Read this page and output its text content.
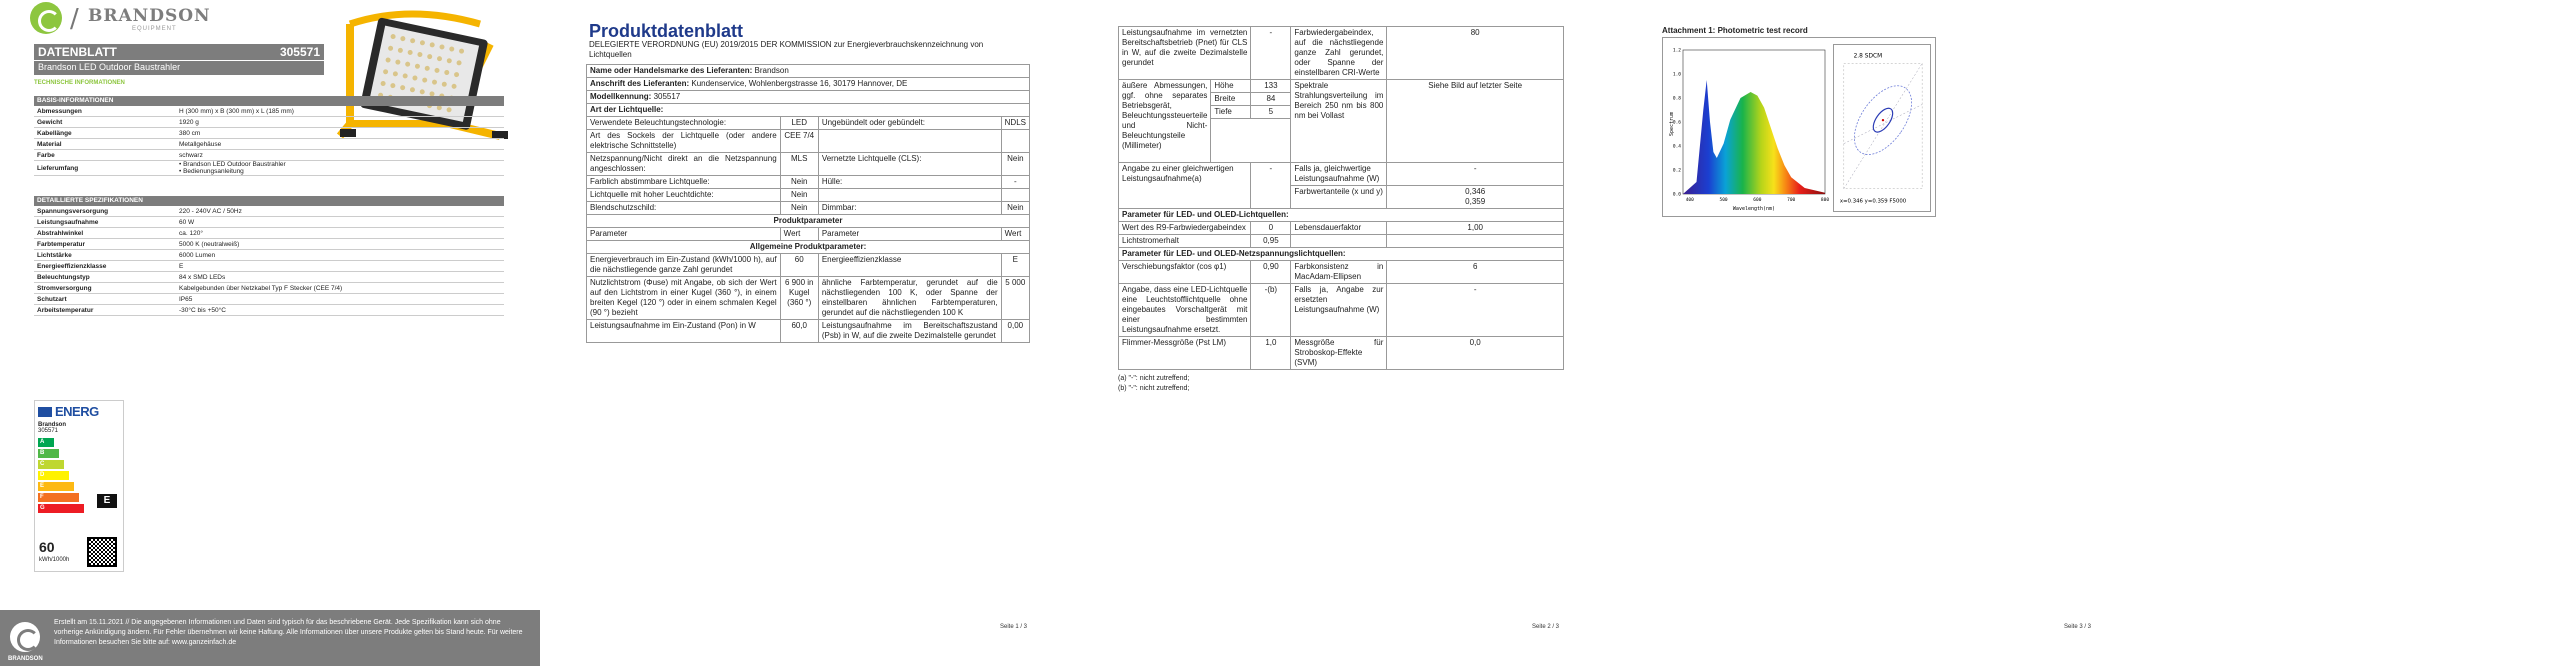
/ BRANDSON
EQUIPMENT
DATENBLATT	305571
Brandson LED Outdoor Baustrahler
TECHNISCHE INFORMATIONEN
BASIS-INFORMATIONEN
Abmessungen	H (300 mm) x B (300 mm) x L (185 mm)
Gewicht	1920 g
Kabellänge	380 cm
Material	Metallgehäuse
Farbe	schwarz
Lieferumfang	• Brandson LED Outdoor Baustrahler
• Bedienungsanleitung
DETAILLIERTE SPEZIFIKATIONEN
Spannungsversorgung	220 - 240V AC / 50Hz
Leistungsaufnahme	60 W
Abstrahlwinkel	ca. 120°
Farbtemperatur	5000 K (neutralweiß)
Lichtstärke	6000 Lumen
Energieeffizienzklasse	E
Beleuchtungstyp	84 x SMD LEDs
Stromversorgung	Kabelgebunden über Netzkabel Typ F Stecker (CEE 7/4)
Schutzart	IP65
Arbeitstemperatur	-30°C bis +50°C
ENERG
Brandson
305571
A
B
C
D
E
F
G
E
60
kWh/1000h
BRANDSON
Erstellt am 15.11.2021 // Die angegebenen Informationen und Daten sind typisch für das beschriebene Gerät. Jede Spezifikation kann sich ohne vorherige Ankündigung ändern. Für Fehler übernehmen wir keine Haftung. Alle Informationen über unsere Produkte gelten bis Stand heute. Für weitere Informationen besuchen Sie bitte auf: www.ganzeinfach.de
Produktdatenblatt
DELEGIERTE VERORDNUNG (EU) 2019/2015 DER KOMMISSION zur Energieverbrauchskennzeichnung von Lichtquellen
Name oder Handelsmarke des Lieferanten: Brandson			
Anschrift des Lieferanten: Kundenservice, Wohlenbergstrasse 16, 30179 Hannover, DE			
Modellkennung: 305517			
Art der Lichtquelle:			
Verwendete Beleuchtungstechnologie:	LED	Ungebündelt oder gebündelt:	NDLS
Art des Sockels der Lichtquelle (oder andere elektrische Schnittstelle)	CEE 7/4		
Netzspannung/Nicht direkt an die Netzspannung angeschlossen:	MLS	Vernetzte Lichtquelle (CLS):	Nein
Farblich abstimmbare Lichtquelle:	Nein	Hülle:	-
Lichtquelle mit hoher Leuchtdichte:	Nein		
Blendschutzschild:	Nein	Dimmbar:	Nein
Produktparameter			
Parameter	Wert	Parameter	Wert
Allgemeine Produktparameter:			
Energieverbrauch im Ein-Zustand (kWh/1000 h), auf die nächstliegende ganze Zahl gerundet	60	Energieeffizienzklasse	E
Nutzlichtstrom (Φuse) mit Angabe, ob sich der Wert auf den Lichtstrom in einer Kugel (360 °), in einem breiten Kegel (120 °) oder in einem schmalen Kegel (90 °) bezieht	6 900 in Kugel (360 °)	ähnliche Farbtemperatur, gerundet auf die nächstliegenden 100 K, oder Spanne der einstellbaren ähnlichen Farbtemperaturen, gerundet auf die nächstliegenden 100 K	5 000
Leistungsaufnahme im Ein-Zustand (Pon) in W	60,0	Leistungsaufnahme im Bereitschaftszustand (Psb) in W, auf die zweite Dezimalstelle gerundet	0,00
Seite 1 / 3
Leistungsaufnahme im vernetzten Bereitschaftsbetrieb (Pnet) für CLS in W, auf die zweite Dezimalstelle gerundet		-	Farbwiedergabeindex, auf die nächstliegende ganze Zahl gerundet, oder Spanne der einstellbaren CRI-Werte	80
äußere Abmessungen, ggf. ohne separates Betriebsgerät, Beleuchtungssteuerteile und Nicht-Beleuchtungsteile (Millimeter)	Höhe	133	Spektrale Strahlungsverteilung im Bereich 250 nm bis 800 nm bei Vollast	Siehe Bild auf letzter Seite
	Breite	84		
	Tiefe	5		

Angabe zu einer gleichwertigen Leistungsaufnahme(a)		-	Falls ja, gleichwertige Leistungsaufnahme (W)	-
			Farbwertanteile (x und y)	0,346
0,359
Parameter für LED- und OLED-Lichtquellen:				
Wert des R9-Farbwiedergabeindex		0	Lebensdauerfaktor	1,00
Lichtstromerhalt		0,95		
Parameter für LED- und OLED-Netzspannungslichtquellen:				
Verschiebungsfaktor (cos φ1)		0,90	Farbkonsistenz in MacAdam-Ellipsen	6
Angabe, dass eine LED-Lichtquelle eine Leuchtstofflichtquelle ohne eingebautes Vorschaltgerät mit einer bestimmten Leistungsaufnahme ersetzt.		-(b)	Falls ja, Angabe zur ersetzten Leistungsaufnahme (W)	-
Flimmer-Messgröße (Pst LM)		1,0	Messgröße für Stroboskop-Effekte (SVM)	0,0
(a) "-": nicht zutreffend;
(b) "-": nicht zutreffend;
Seite 2 / 3
Attachment 1: Photometric test record
400	500	600	700	800
0.0
0.2
0.4
0.6
0.8
1.0
1.2
Wavelength(nm)
Spectrum
2.8 SDCM
x=0.346 y=0.359 F5000
Seite 3 / 3
